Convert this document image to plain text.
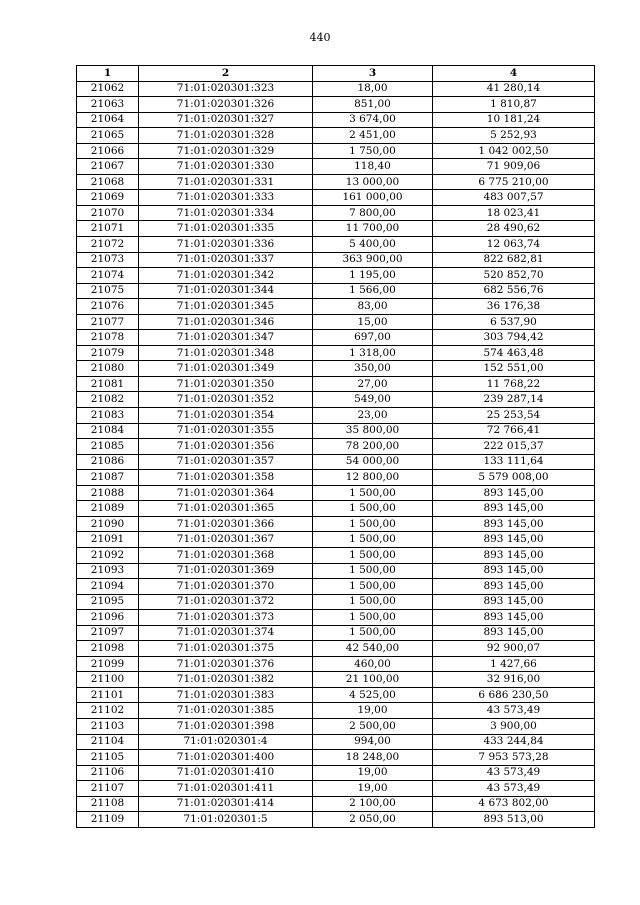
440
1	2	3	4
21062	71:01:020301:323	18,00	41 280,14
21063	71:01:020301:326	851,00	1 810,87
21064	71:01:020301:327	3 674,00	10 181,24
21065	71:01:020301:328	2 451,00	5 252,93
21066	71:01:020301:329	1 750,00	1 042 002,50
21067	71:01:020301:330	118,40	71 909,06
21068	71:01:020301:331	13 000,00	6 775 210,00
21069	71:01:020301:333	161 000,00	483 007,57
21070	71:01:020301:334	7 800,00	18 023,41
21071	71:01:020301:335	11 700,00	28 490,62
21072	71:01:020301:336	5 400,00	12 063,74
21073	71:01:020301:337	363 900,00	822 682,81
21074	71:01:020301:342	1 195,00	520 852,70
21075	71:01:020301:344	1 566,00	682 556,76
21076	71:01:020301:345	83,00	36 176,38
21077	71:01:020301:346	15,00	6 537,90
21078	71:01:020301:347	697,00	303 794,42
21079	71:01:020301:348	1 318,00	574 463,48
21080	71:01:020301:349	350,00	152 551,00
21081	71:01:020301:350	27,00	11 768,22
21082	71:01:020301:352	549,00	239 287,14
21083	71:01:020301:354	23,00	25 253,54
21084	71:01:020301:355	35 800,00	72 766,41
21085	71:01:020301:356	78 200,00	222 015,37
21086	71:01:020301:357	54 000,00	133 111,64
21087	71:01:020301:358	12 800,00	5 579 008,00
21088	71:01:020301:364	1 500,00	893 145,00
21089	71:01:020301:365	1 500,00	893 145,00
21090	71:01:020301:366	1 500,00	893 145,00
21091	71:01:020301:367	1 500,00	893 145,00
21092	71:01:020301:368	1 500,00	893 145,00
21093	71:01:020301:369	1 500,00	893 145,00
21094	71:01:020301:370	1 500,00	893 145,00
21095	71:01:020301:372	1 500,00	893 145,00
21096	71:01:020301:373	1 500,00	893 145,00
21097	71:01:020301:374	1 500,00	893 145,00
21098	71:01:020301:375	42 540,00	92 900,07
21099	71:01:020301:376	460,00	1 427,66
21100	71:01:020301:382	21 100,00	32 916,00
21101	71:01:020301:383	4 525,00	6 686 230,50
21102	71:01:020301:385	19,00	43 573,49
21103	71:01:020301:398	2 500,00	3 900,00
21104	71:01:020301:4	994,00	433 244,84
21105	71:01:020301:400	18 248,00	7 953 573,28
21106	71:01:020301:410	19,00	43 573,49
21107	71:01:020301:411	19,00	43 573,49
21108	71:01:020301:414	2 100,00	4 673 802,00
21109	71:01:020301:5	2 050,00	893 513,00
